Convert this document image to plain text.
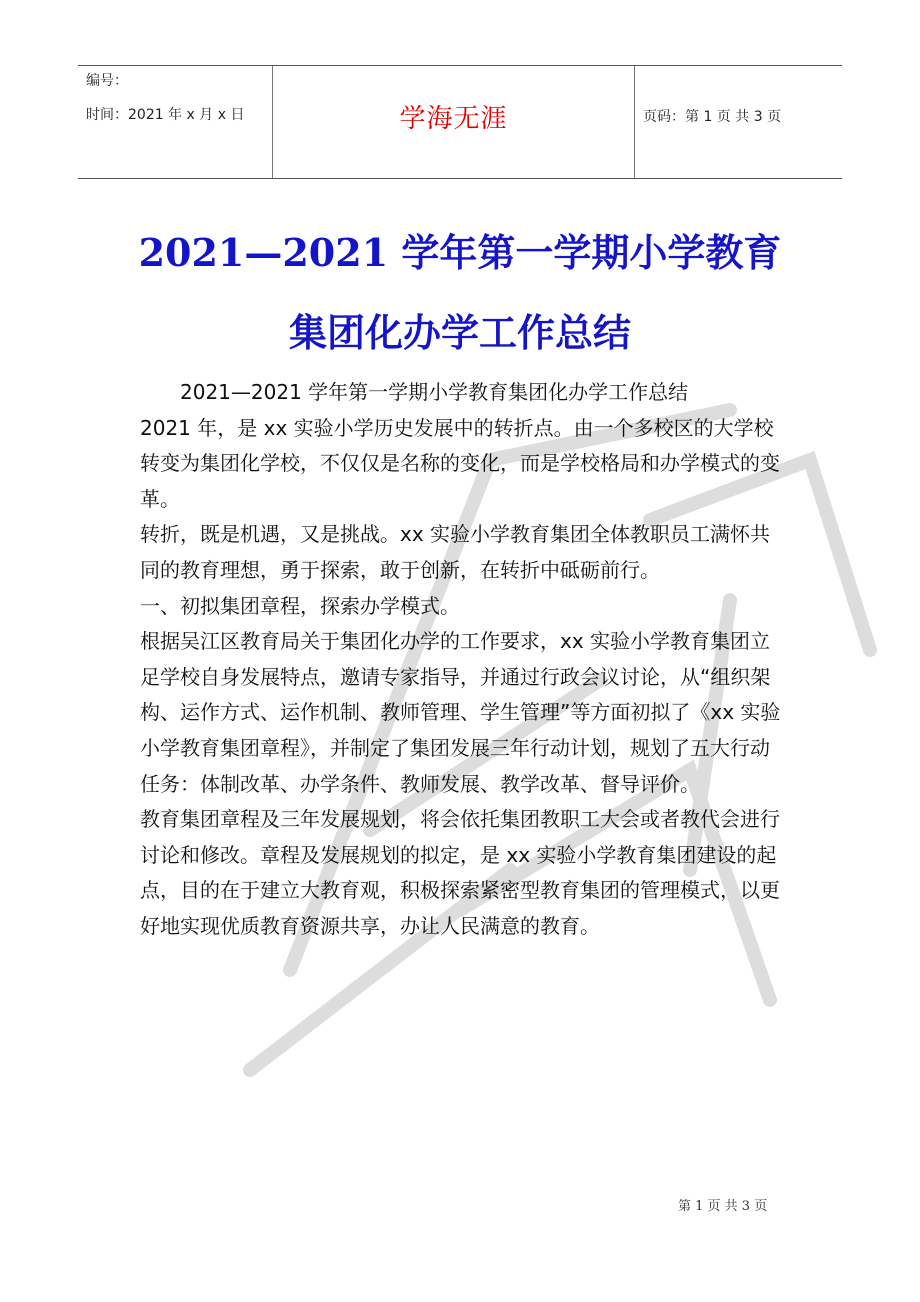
编号：
时间：2021 年 x 月 x 日	学海无涯	页码：第 1 页 共 3 页
2021—2021 学年第一学期小学教育
集团化办学工作总结

2021—2021 学年第一学期小学教育集团化办学工作总结

2021 年，是 xx 实验小学历史发展中的转折点。由一个多校区的大学校转变为集团化学校，不仅仅是名称的变化，而是学校格局和办学模式的变革。

转折，既是机遇，又是挑战。xx 实验小学教育集团全体教职员工满怀共同的教育理想，勇于探索，敢于创新，在转折中砥砺前行。

一、初拟集团章程，探索办学模式。

根据吴江区教育局关于集团化办学的工作要求，xx 实验小学教育集团立足学校自身发展特点，邀请专家指导，并通过行政会议讨论，从“组织架构、运作方式、运作机制、教师管理、学生管理”等方面初拟了《xx 实验小学教育集团章程》，并制定了集团发展三年行动计划，规划了五大行动任务：体制改革、办学条件、教师发展、教学改革、督导评价。

教育集团章程及三年发展规划，将会依托集团教职工大会或者教代会进行讨论和修改。章程及发展规划的拟定，是 xx 实验小学教育集团建设的起点，目的在于建立大教育观，积极探索紧密型教育集团的管理模式，以更好地实现优质教育资源共享，办让人民满意的教育。

第 1 页 共 3 页
